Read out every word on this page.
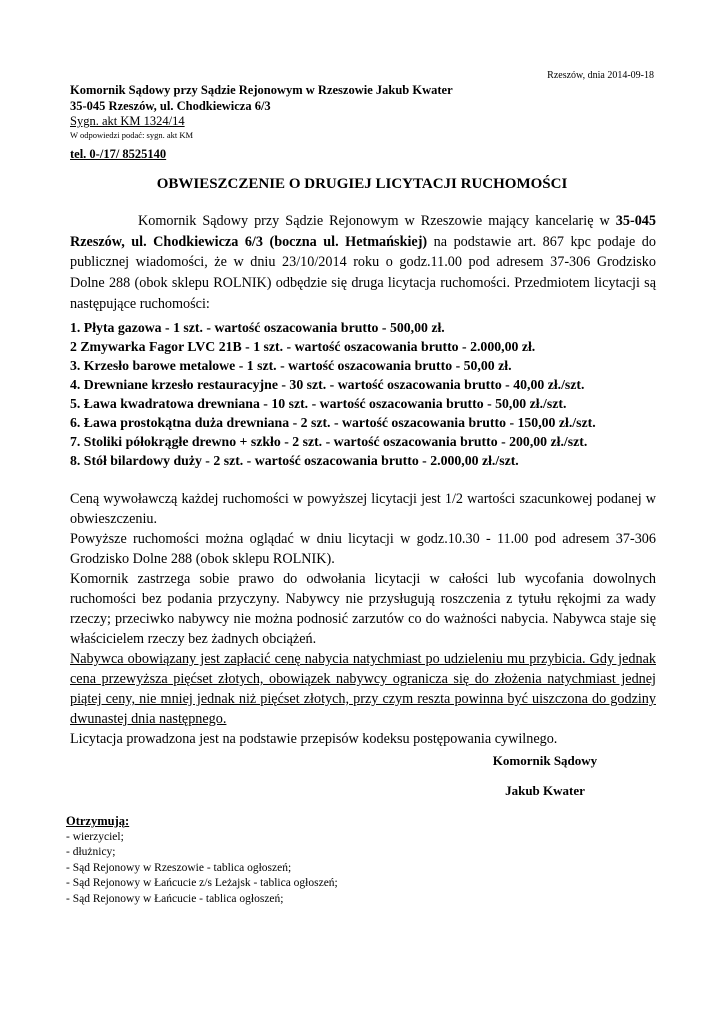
Rzeszów, dnia 2014-09-18
Komornik Sądowy przy Sądzie Rejonowym w Rzeszowie Jakub Kwater
35-045 Rzeszów, ul. Chodkiewicza 6/3
Sygn. akt KM 1324/14
W odpowiedzi podać: sygn. akt KM
tel. 0-/17/ 8525140
OBWIESZCZENIE O DRUGIEJ LICYTACJI RUCHOMOŚCI
Komornik Sądowy przy Sądzie Rejonowym w Rzeszowie mający kancelarię w 35-045 Rzeszów, ul. Chodkiewicza 6/3 (boczna ul. Hetmańskiej) na podstawie art. 867 kpc podaje do publicznej wiadomości, że w dniu 23/10/2014 roku o godz.11.00 pod adresem 37-306 Grodzisko Dolne 288 (obok sklepu ROLNIK) odbędzie się druga licytacja ruchomości. Przedmiotem licytacji są następujące ruchomości:
1. Płyta gazowa - 1 szt. - wartość oszacowania brutto - 500,00 zł.
2 Zmywarka Fagor LVC 21B - 1 szt. - wartość oszacowania brutto - 2.000,00 zł.
3. Krzesło barowe metalowe - 1 szt. - wartość oszacowania brutto - 50,00 zł.
4. Drewniane krzesło restauracyjne - 30 szt. - wartość oszacowania brutto - 40,00 zł./szt.
5. Ława kwadratowa drewniana - 10 szt. - wartość oszacowania brutto - 50,00 zł./szt.
6. Ława prostokątna duża drewniana - 2 szt. - wartość oszacowania brutto - 150,00 zł./szt.
7. Stoliki półokrągłe drewno + szkło - 2 szt. - wartość oszacowania brutto - 200,00 zł./szt.
8. Stół bilardowy duży - 2 szt. - wartość oszacowania brutto - 2.000,00 zł./szt.

Ceną wywoławczą każdej ruchomości w powyższej licytacji jest 1/2 wartości szacunkowej podanej w obwieszczeniu.

Powyższe ruchomości można oglądać w dniu licytacji w godz.10.30 - 11.00 pod adresem 37-306 Grodzisko Dolne 288 (obok sklepu ROLNIK).

Komornik zastrzega sobie prawo do odwołania licytacji w całości lub wycofania dowolnych ruchomości bez podania przyczyny. Nabywcy nie przysługują roszczenia z tytułu rękojmi za wady rzeczy; przeciwko nabywcy nie można podnosić zarzutów co do ważności nabycia. Nabywca staje się właścicielem rzeczy bez żadnych obciążeń.

Nabywca obowiązany jest zapłacić cenę nabycia natychmiast po udzieleniu mu przybicia. Gdy jednak cena przewyższa pięćset złotych, obowiązek nabywcy ogranicza się do złożenia natychmiast jednej piątej ceny, nie mniej jednak niż pięćset złotych, przy czym reszta powinna być uiszczona do godziny dwunastej dnia następnego.

Licytacja prowadzona jest na podstawie przepisów kodeksu postępowania cywilnego.

Komornik Sądowy
Jakub Kwater
Otrzymują:
- wierzyciel;
- dłużnicy;
- Sąd Rejonowy w Rzeszowie - tablica ogłoszeń;
- Sąd Rejonowy w Łańcucie z/s Leżajsk - tablica ogłoszeń;
- Sąd Rejonowy w Łańcucie - tablica ogłoszeń;
